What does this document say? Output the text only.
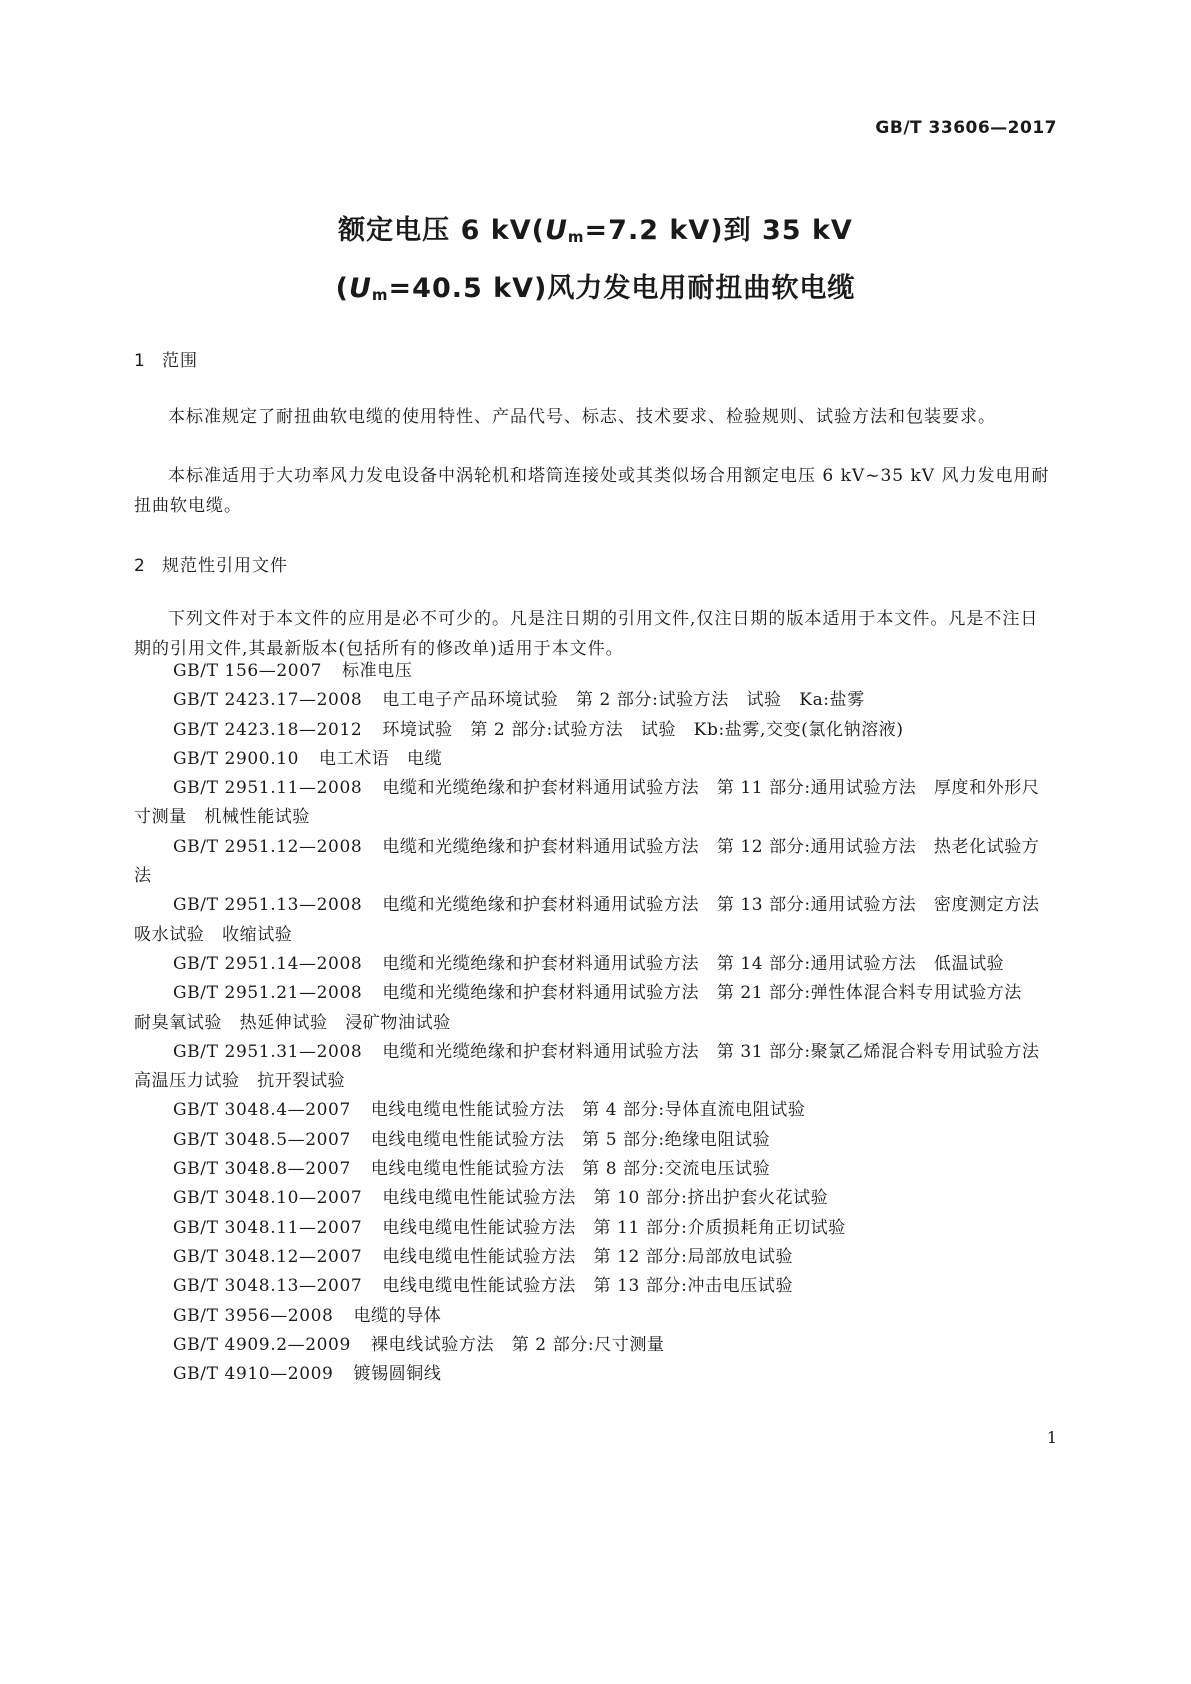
GB/T 33606—2017
额定电压 6 $kV(U_m=7.2$ kV)到 35 kV
($U_m=40.5$ kV)风力发电用耐扭曲软电缆
1 范围

本标准规定了耐扭曲软电缆的使用特性、产品代号、标志、技术要求、检验规则、试验方法和包装要求。

本标准适用于大功率风力发电设备中涡轮机和塔筒连接处或其类似场合用额定电压 6 kV~35 kV 风力发电用耐扭曲软电缆。

2 规范性引用文件

下列文件对于本文件的应用是必不可少的。凡是注日期的引用文件,仅注日期的版本适用于本文件。凡是不注日期的引用文件,其最新版本(包括所有的修改单)适用于本文件。

GB/T 156—2007 标准电压
GB/T 2423.17—2008 电工电子产品环境试验　第 2 部分:试验方法　试验　Ka:盐雾
GB/T 2423.18—2012 环境试验　第 2 部分:试验方法　试验　Kb:盐雾,交变(氯化钠溶液)
GB/T 2900.10 电工术语　电缆
GB/T 2951.11—2008 电缆和光缆绝缘和护套材料通用试验方法　第 11 部分:通用试验方法　厚度和外形尺寸测量　机械性能试验
GB/T 2951.12—2008 电缆和光缆绝缘和护套材料通用试验方法　第 12 部分:通用试验方法　热老化试验方法
GB/T 2951.13—2008 电缆和光缆绝缘和护套材料通用试验方法　第 13 部分:通用试验方法　密度测定方法　吸水试验　收缩试验
GB/T 2951.14—2008 电缆和光缆绝缘和护套材料通用试验方法　第 14 部分:通用试验方法　低温试验
GB/T 2951.21—2008 电缆和光缆绝缘和护套材料通用试验方法　第 21 部分:弹性体混合料专用试验方法　耐臭氧试验　热延伸试验　浸矿物油试验
GB/T 2951.31—2008 电缆和光缆绝缘和护套材料通用试验方法　第 31 部分:聚氯乙烯混合料专用试验方法　高温压力试验　抗开裂试验
GB/T 3048.4—2007 电线电缆电性能试验方法　第 4 部分:导体直流电阻试验
GB/T 3048.5—2007 电线电缆电性能试验方法　第 5 部分:绝缘电阻试验
GB/T 3048.8—2007 电线电缆电性能试验方法　第 8 部分:交流电压试验
GB/T 3048.10—2007 电线电缆电性能试验方法　第 10 部分:挤出护套火花试验
GB/T 3048.11—2007 电线电缆电性能试验方法　第 11 部分:介质损耗角正切试验
GB/T 3048.12—2007 电线电缆电性能试验方法　第 12 部分:局部放电试验
GB/T 3048.13—2007 电线电缆电性能试验方法　第 13 部分:冲击电压试验
GB/T 3956—2008 电缆的导体
GB/T 4909.2—2009 裸电线试验方法　第 2 部分:尺寸测量
GB/T 4910—2009 镀锡圆铜线
1
